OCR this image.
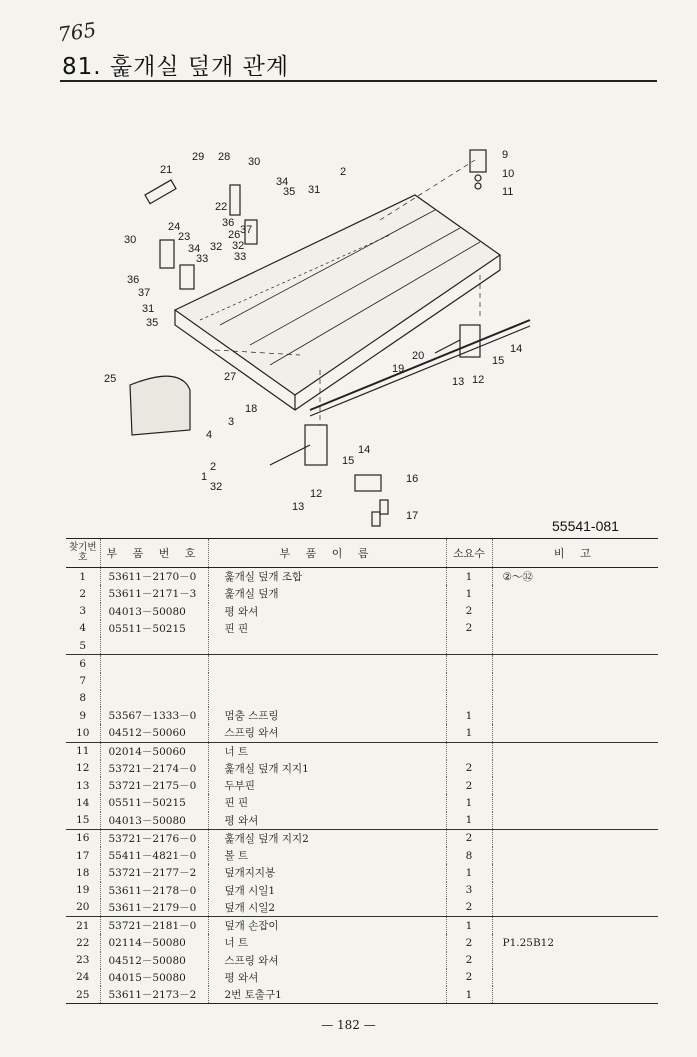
765
81. 훑개실 덮개 관계
2
3
4
9
10
11
12
12
13
13
14
14
15
15
16
17
18
19
20
21
22
23
24
25
26
27
28
29	30
30
31
31
32 32
33
33
34
34
35
35
36
36
37
37
2
1
32
55541-081
찾기번호	부 품 번 호	부 품 이 름	소요수	비 고
1	53611－2170－0	훑개실 덮개 조합	1	②～㉜
2	53611－2171－3	훑개실 덮개	1	
3	04013－50080	평 와셔	2	
4	05511－50215	핀 핀	2	
5				
6				
7				
8				
9	53567－1333－0	멈춤 스프링	1	
10	04512－50060	스프링 와셔	1	
11	02014－50060	너 트		
12	53721－2174－0	훑개실 덮개 지지1	2	
13	53721－2175－0	두부핀	2	
14	05511－50215	핀 핀	1	
15	04013－50080	평 와셔	1	
16	53721－2176－0	훑개실 덮개 지지2	2	
17	55411－4821－0	볼 트	8	
18	53721－2177－2	덮개지지봉	1	
19	53611－2178－0	덮개 시일1	3	
20	53611－2179－0	덮개 시일2	2	
21	53721－2181－0	덮개 손잡이	1	
22	02114－50080	너 트	2	P1.25B12
23	04512－50080	스프링 와셔	2	
24	04015－50080	평 와셔	2	
25	53611－2173－2	2번 토출구1	1	
— 182 —
